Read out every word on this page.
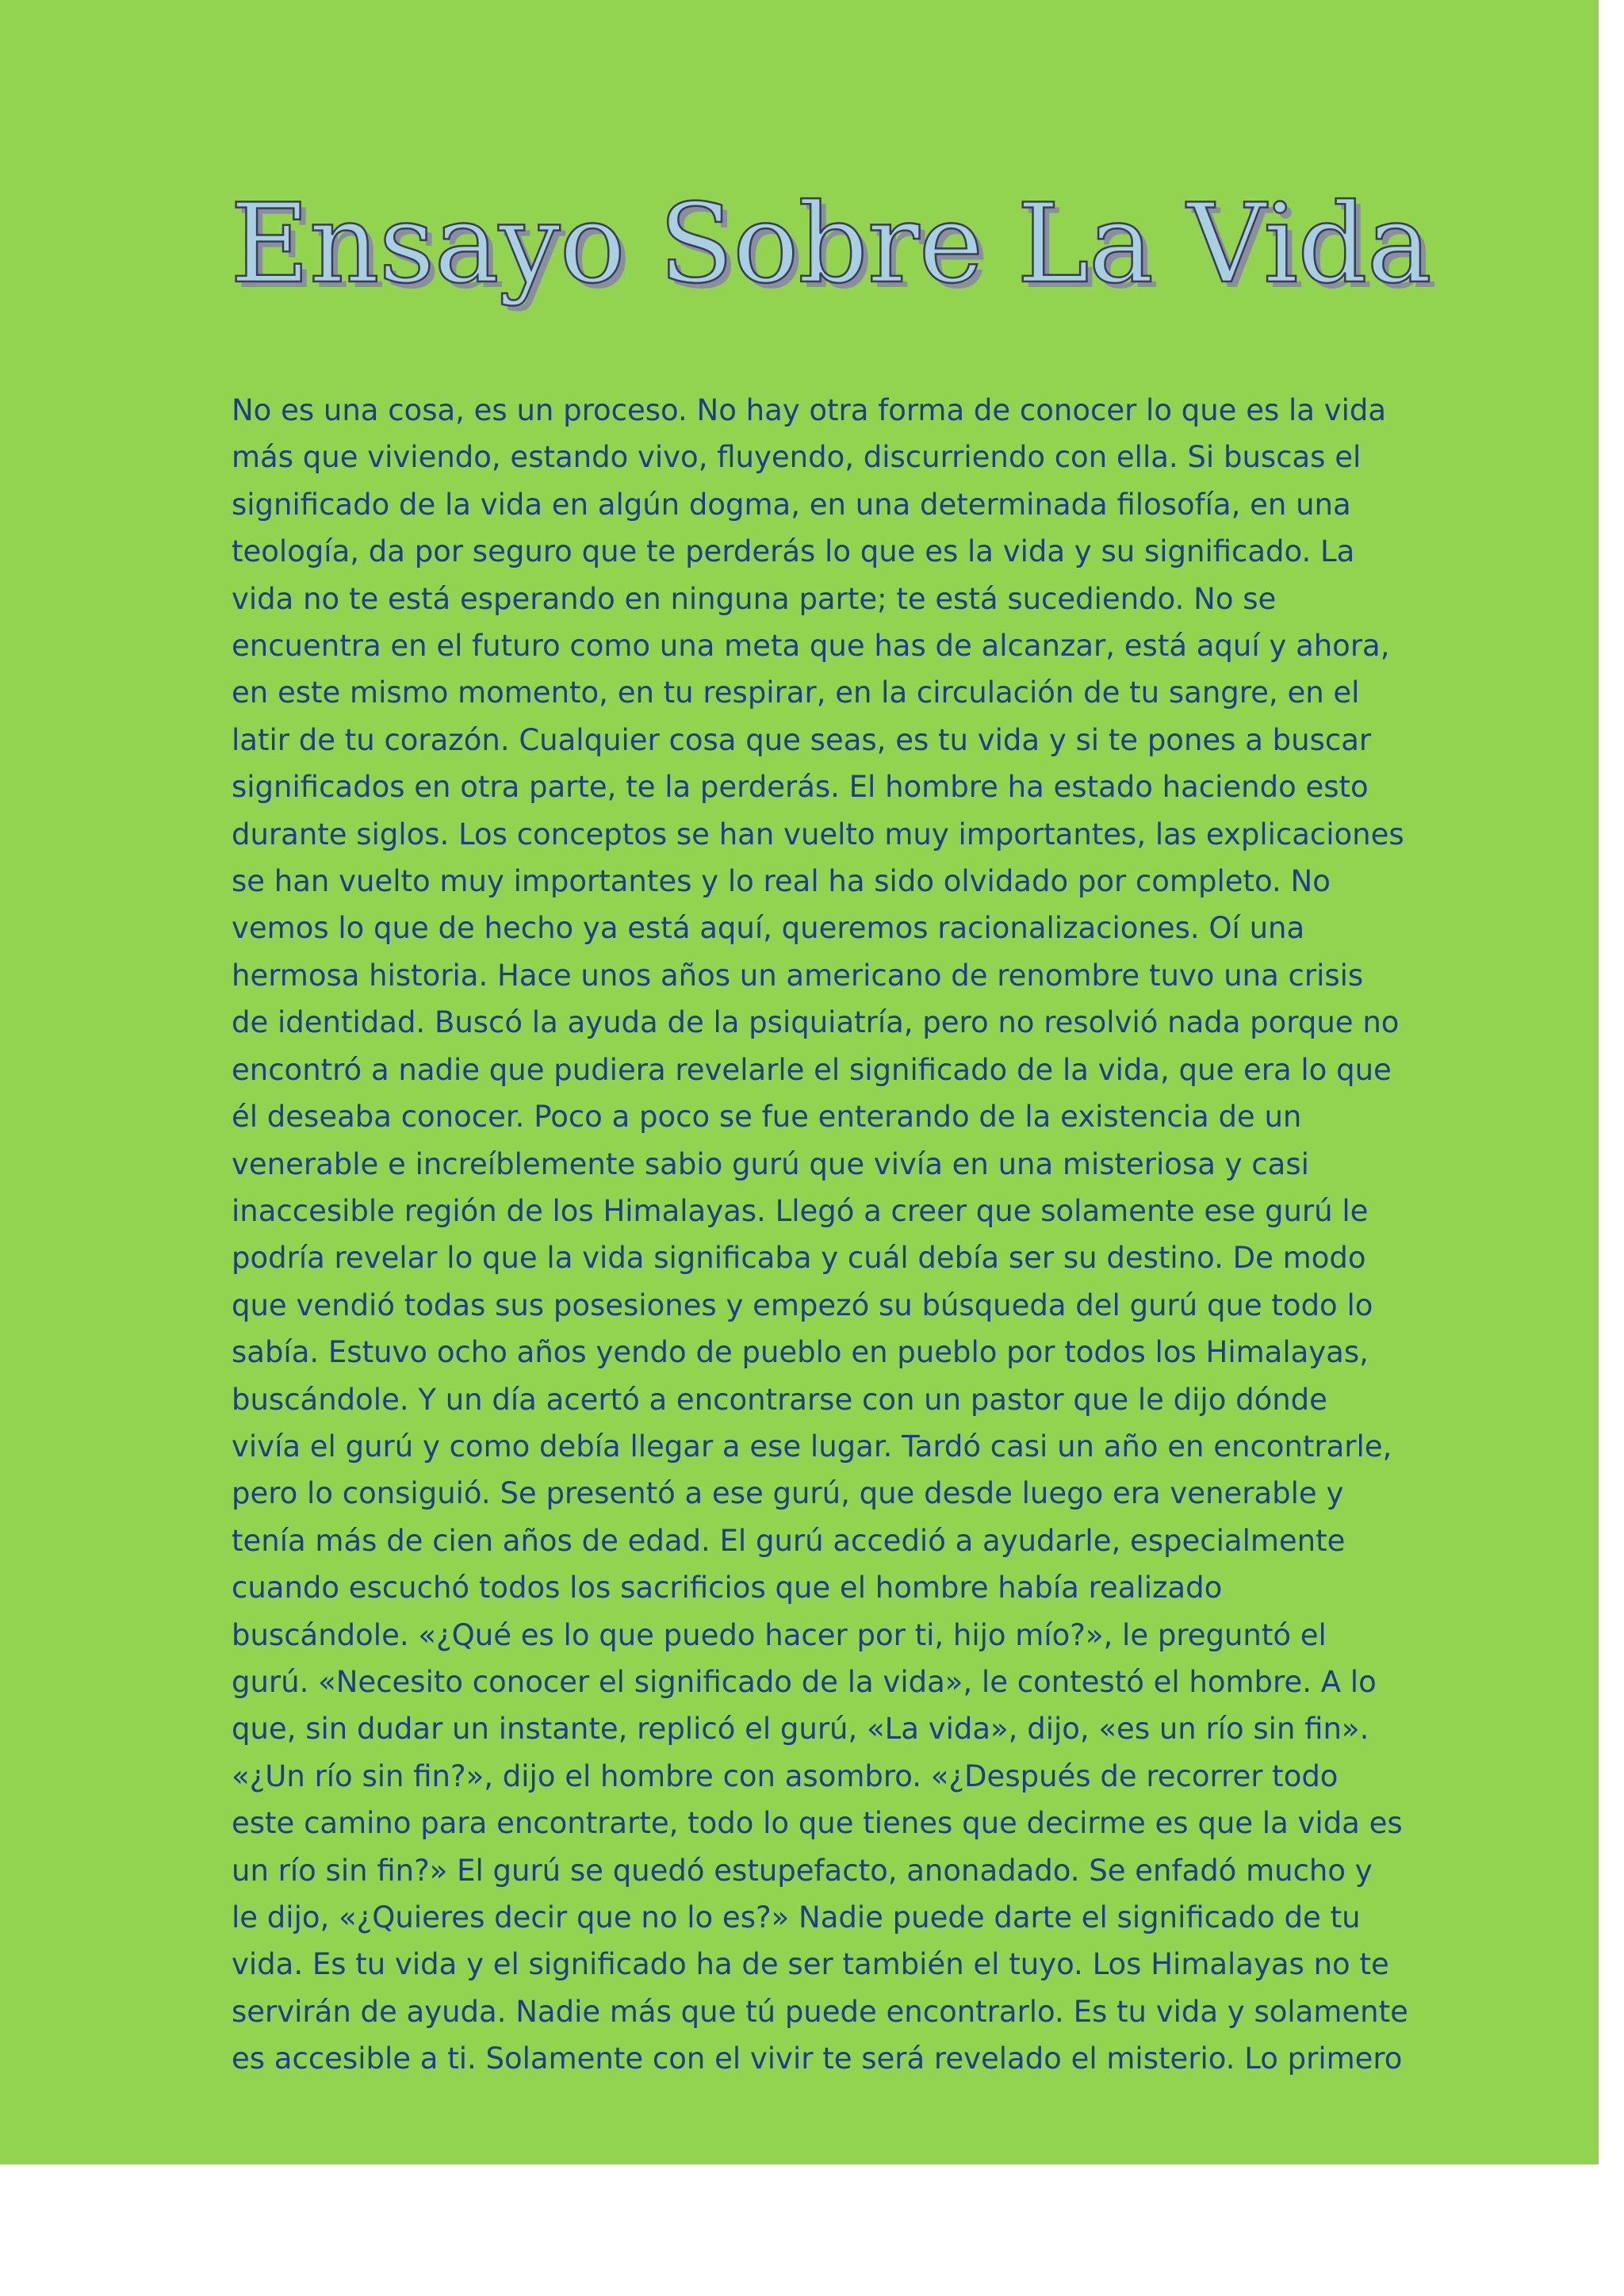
Ensayo Sobre La Vida
No es una cosa, es un proceso. No hay otra forma de conocer lo que es la vida
más que viviendo, estando vivo, fluyendo, discurriendo con ella. Si buscas el
significado de la vida en algún dogma, en una determinada filosofía, en una
teología, da por seguro que te perderás lo que es la vida y su significado. La
vida no te está esperando en ninguna parte; te está sucediendo. No se
encuentra en el futuro como una meta que has de alcanzar, está aquí y ahora,
en este mismo momento, en tu respirar, en la circulación de tu sangre, en el
latir de tu corazón. Cualquier cosa que seas, es tu vida y si te pones a buscar
significados en otra parte, te la perderás. El hombre ha estado haciendo esto
durante siglos. Los conceptos se han vuelto muy importantes, las explicaciones
se han vuelto muy importantes y lo real ha sido olvidado por completo. No
vemos lo que de hecho ya está aquí, queremos racionalizaciones. Oí una
hermosa historia. Hace unos años un americano de renombre tuvo una crisis
de identidad. Buscó la ayuda de la psiquiatría, pero no resolvió nada porque no
encontró a nadie que pudiera revelarle el significado de la vida, que era lo que
él deseaba conocer. Poco a poco se fue enterando de la existencia de un
venerable e increíblemente sabio gurú que vivía en una misteriosa y casi
inaccesible región de los Himalayas. Llegó a creer que solamente ese gurú le
podría revelar lo que la vida significaba y cuál debía ser su destino. De modo
que vendió todas sus posesiones y empezó su búsqueda del gurú que todo lo
sabía. Estuvo ocho años yendo de pueblo en pueblo por todos los Himalayas,
buscándole. Y un día acertó a encontrarse con un pastor que le dijo dónde
vivía el gurú y como debía llegar a ese lugar. Tardó casi un año en encontrarle,
pero lo consiguió. Se presentó a ese gurú, que desde luego era venerable y
tenía más de cien años de edad. El gurú accedió a ayudarle, especialmente
cuando escuchó todos los sacrificios que el hombre había realizado
buscándole. «¿Qué es lo que puedo hacer por ti, hijo mío?», le preguntó el
gurú. «Necesito conocer el significado de la vida», le contestó el hombre. A lo
que, sin dudar un instante, replicó el gurú, «La vida», dijo, «es un río sin fin».
«¿Un río sin fin?», dijo el hombre con asombro. «¿Después de recorrer todo
este camino para encontrarte, todo lo que tienes que decirme es que la vida es
un río sin fin?» El gurú se quedó estupefacto, anonadado. Se enfadó mucho y
le dijo, «¿Quieres decir que no lo es?» Nadie puede darte el significado de tu
vida. Es tu vida y el significado ha de ser también el tuyo. Los Himalayas no te
servirán de ayuda. Nadie más que tú puede encontrarlo. Es tu vida y solamente
es accesible a ti. Solamente con el vivir te será revelado el misterio. Lo primero
